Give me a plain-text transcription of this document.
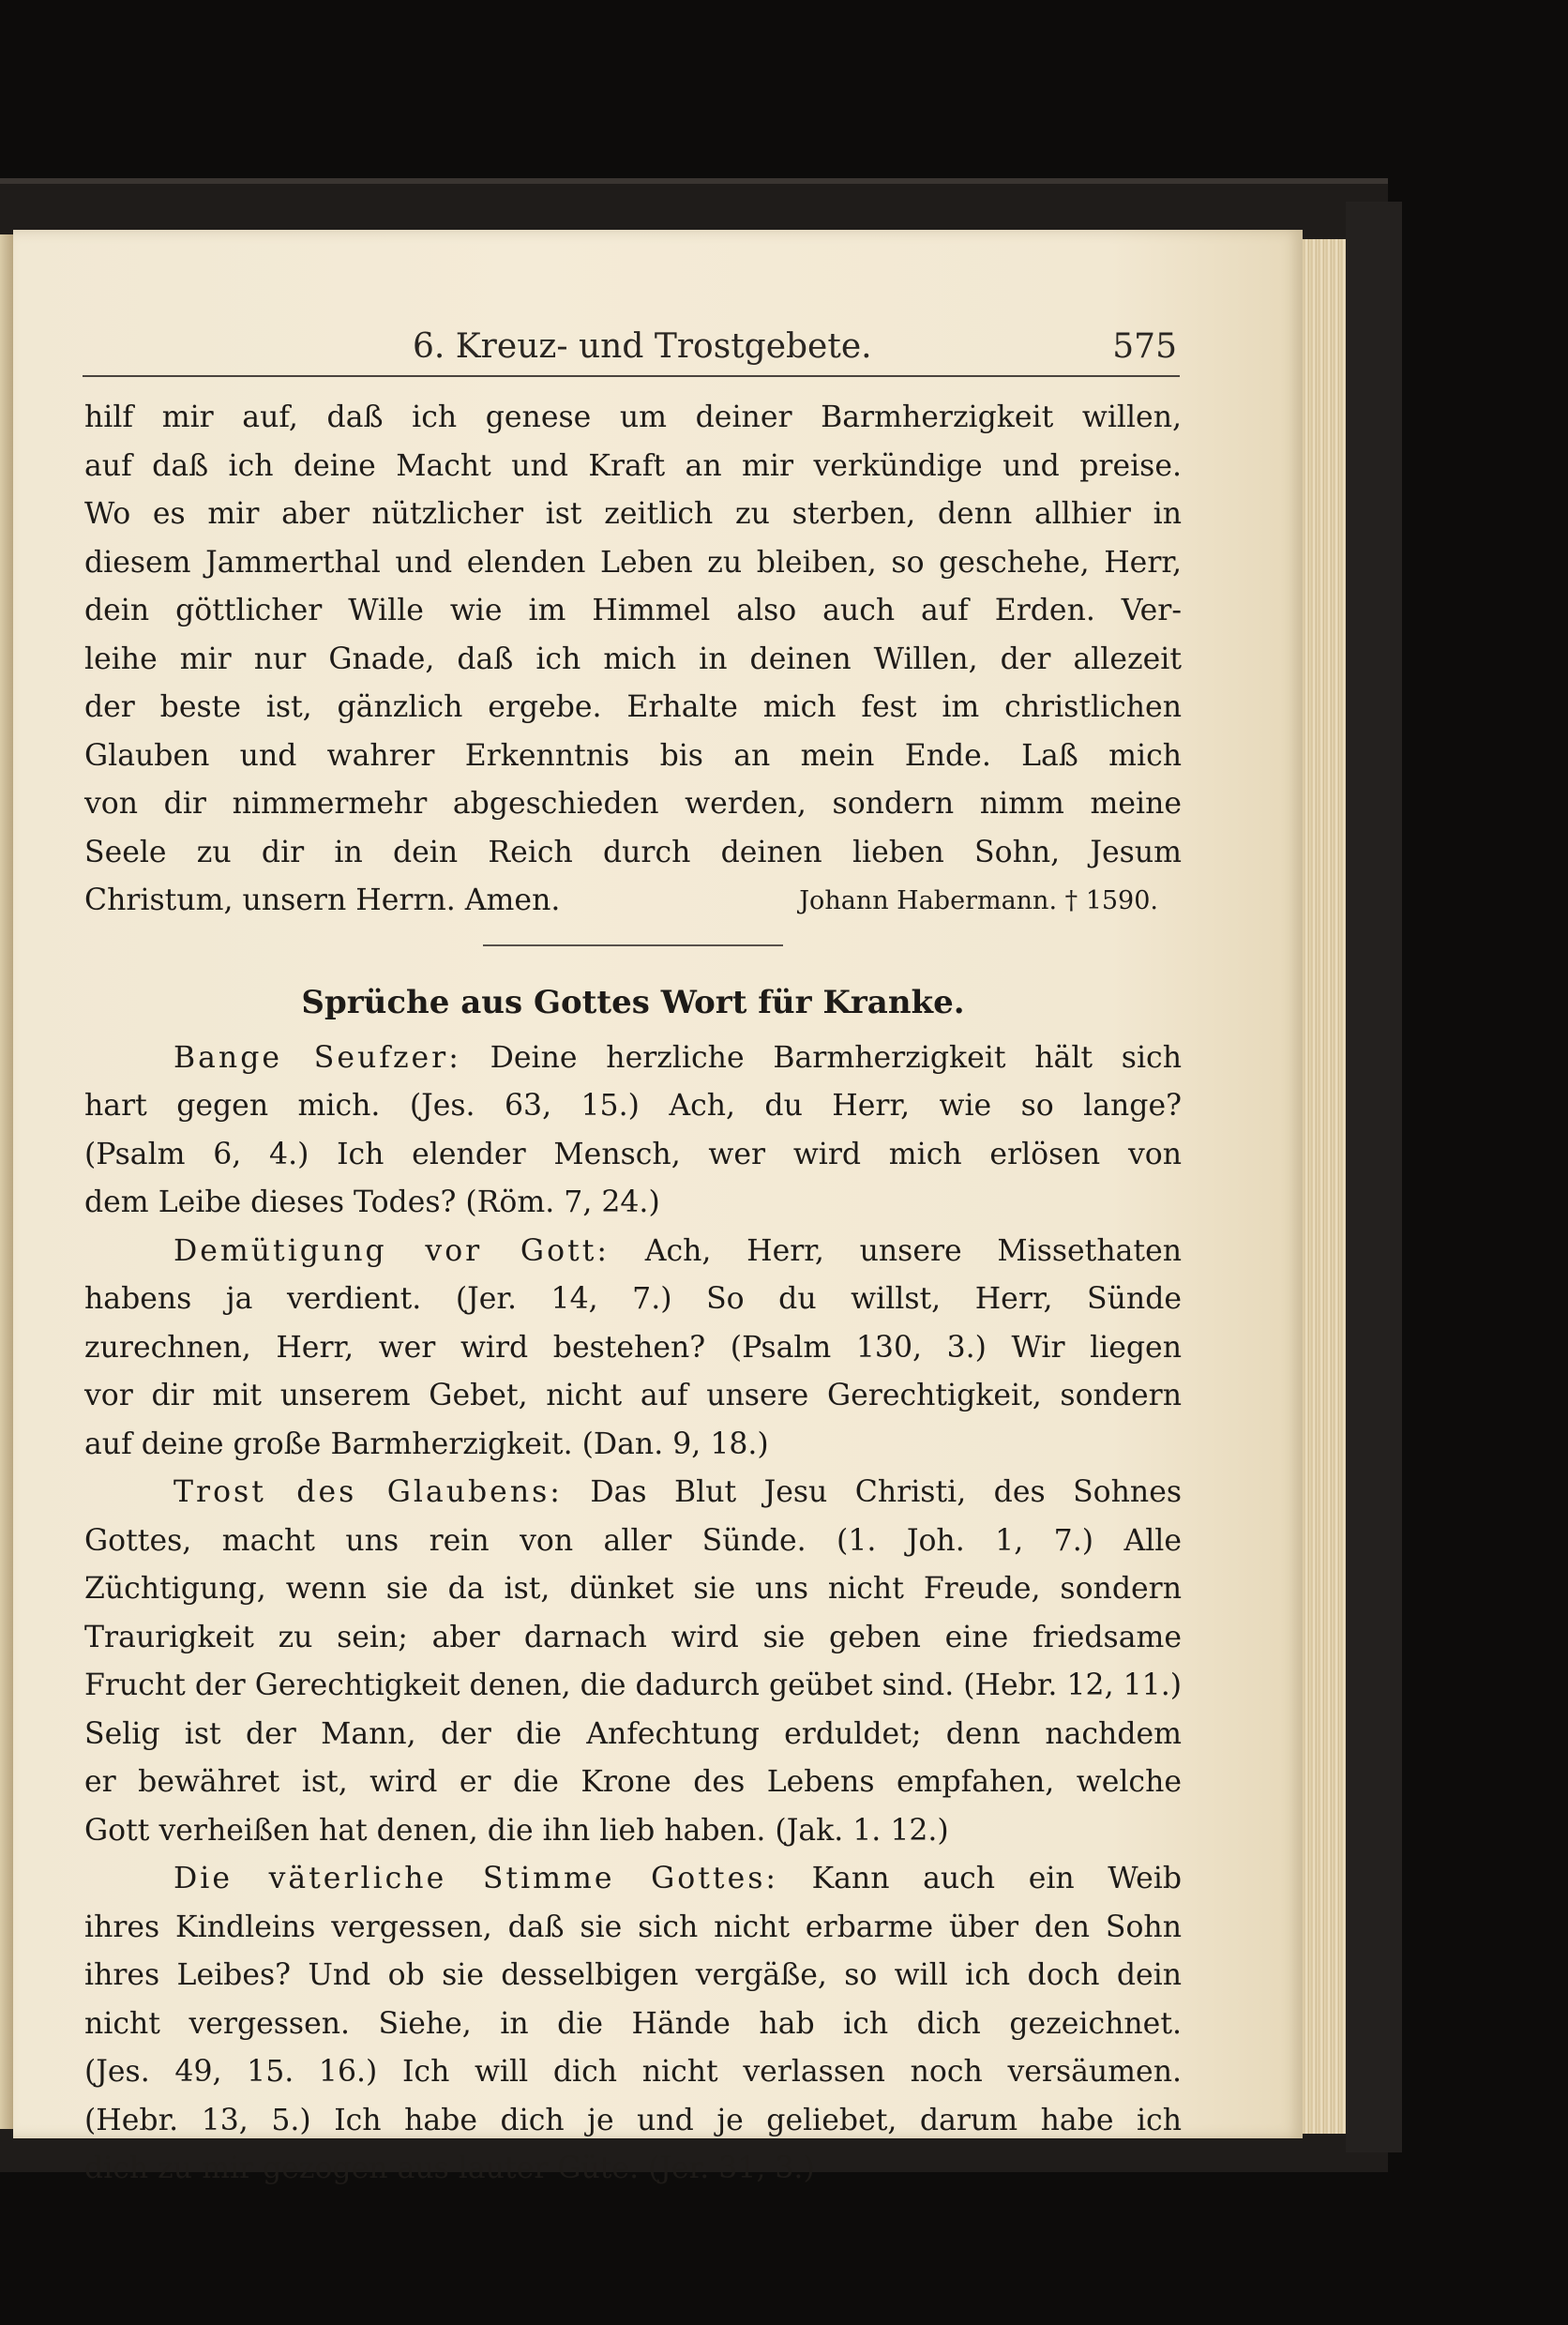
6. Kreuz- und Trostgebete.	575
hilf mir auf, daß ich genese um deiner Barmherzigkeit willen,
auf daß ich deine Macht und Kraft an mir verkündige und preise.
Wo es mir aber nützlicher ist zeitlich zu sterben, denn allhier in
diesem Jammerthal und elenden Leben zu bleiben, so geschehe, Herr,
dein göttlicher Wille wie im Himmel also auch auf Erden. Ver-
leihe mir nur Gnade, daß ich mich in deinen Willen, der allezeit
der beste ist, gänzlich ergebe. Erhalte mich fest im christlichen
Glauben und wahrer Erkenntnis bis an mein Ende. Laß mich
von dir nimmermehr abgeschieden werden, sondern nimm meine
Seele zu dir in dein Reich durch deinen lieben Sohn, Jesum
Christum, unsern Herrn. Amen.	Johann Habermann. † 1590.
Sprüche aus Gottes Wort für Kranke.
Bange Seufzer: Deine herzliche Barmherzigkeit hält sich
hart gegen mich. (Jes. 63, 15.) Ach, du Herr, wie so lange?
(Psalm 6, 4.) Ich elender Mensch, wer wird mich erlösen von
dem Leibe dieses Todes? (Röm. 7, 24.)
Demütigung vor Gott: Ach, Herr, unsere Missethaten
habens ja verdient. (Jer. 14, 7.) So du willst, Herr, Sünde
zurechnen, Herr, wer wird bestehen? (Psalm 130, 3.) Wir liegen
vor dir mit unserem Gebet, nicht auf unsere Gerechtigkeit, sondern
auf deine große Barmherzigkeit. (Dan. 9, 18.)
Trost des Glaubens: Das Blut Jesu Christi, des Sohnes
Gottes, macht uns rein von aller Sünde. (1. Joh. 1, 7.) Alle
Züchtigung, wenn sie da ist, dünket sie uns nicht Freude, sondern
Traurigkeit zu sein; aber darnach wird sie geben eine friedsame
Frucht der Gerechtigkeit denen, die dadurch geübet sind. (Hebr. 12, 11.)
Selig ist der Mann, der die Anfechtung erduldet; denn nachdem
er bewähret ist, wird er die Krone des Lebens empfahen, welche
Gott verheißen hat denen, die ihn lieb haben. (Jak. 1. 12.)
Die väterliche Stimme Gottes: Kann auch ein Weib
ihres Kindleins vergessen, daß sie sich nicht erbarme über den Sohn
ihres Leibes? Und ob sie desselbigen vergäße, so will ich doch dein
nicht vergessen. Siehe, in die Hände hab ich dich gezeichnet.
(Jes. 49, 15. 16.) Ich will dich nicht verlassen noch versäumen.
(Hebr. 13, 5.) Ich habe dich je und je geliebet, darum habe ich
dich zu mir gezogen aus lauter Güte. (Jer. 31, 3.)
